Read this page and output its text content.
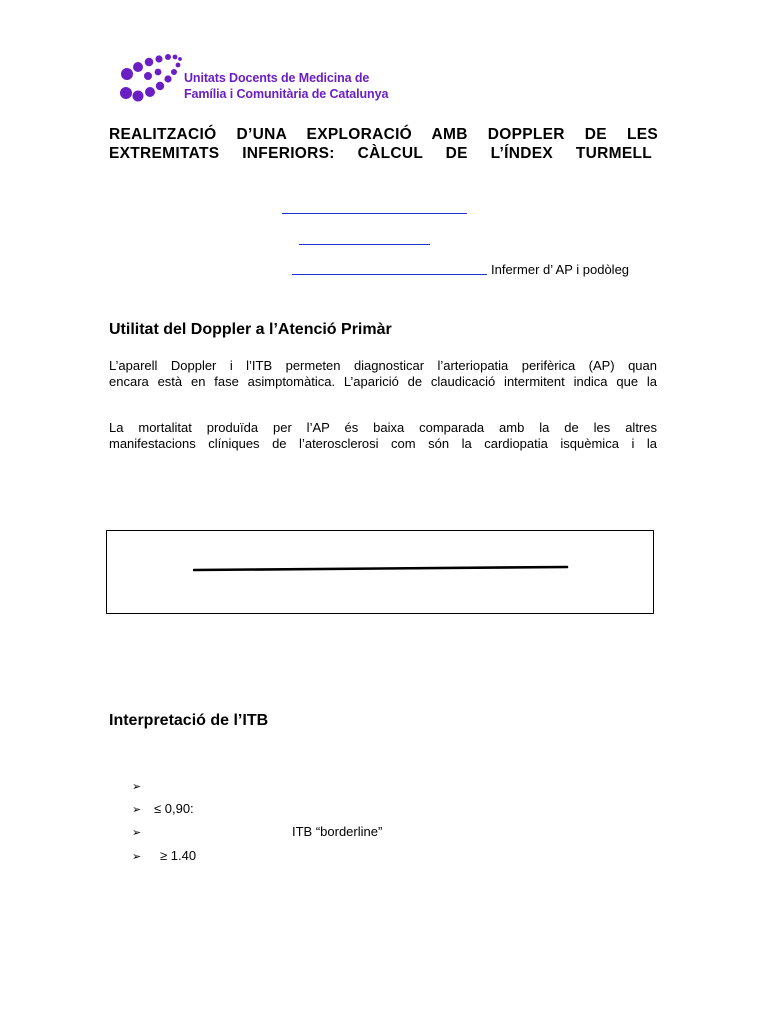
Unitats Docents de Medicina de
Família i Comunitària de Catalunya
REALITZACIÓ D’UNA EXPLORACIÓ AMB DOPPLER DE LES
EXTREMITATS INFERIORS: CÀLCUL DE L’ÍNDEX TURMELL
Infermer d’ AP i podòleg
Utilitat del Doppler a l’Atenció Primàr
L’aparell Doppler i l’ITB permeten diagnosticar l’arteriopatia perifèrica (AP) quan
encara està en fase asimptomàtica. L’aparició de claudicació intermitent indica que la
La mortalitat produïda per l’AP és baixa comparada amb la de les altres
manifestacions clíniques de l’aterosclerosi com són la cardiopatia isquèmica i la
Interpretació de l’ITB
➢
➢ ≤ 0,90:
➢	ITB “borderline”
➢ ≥ 1.40
